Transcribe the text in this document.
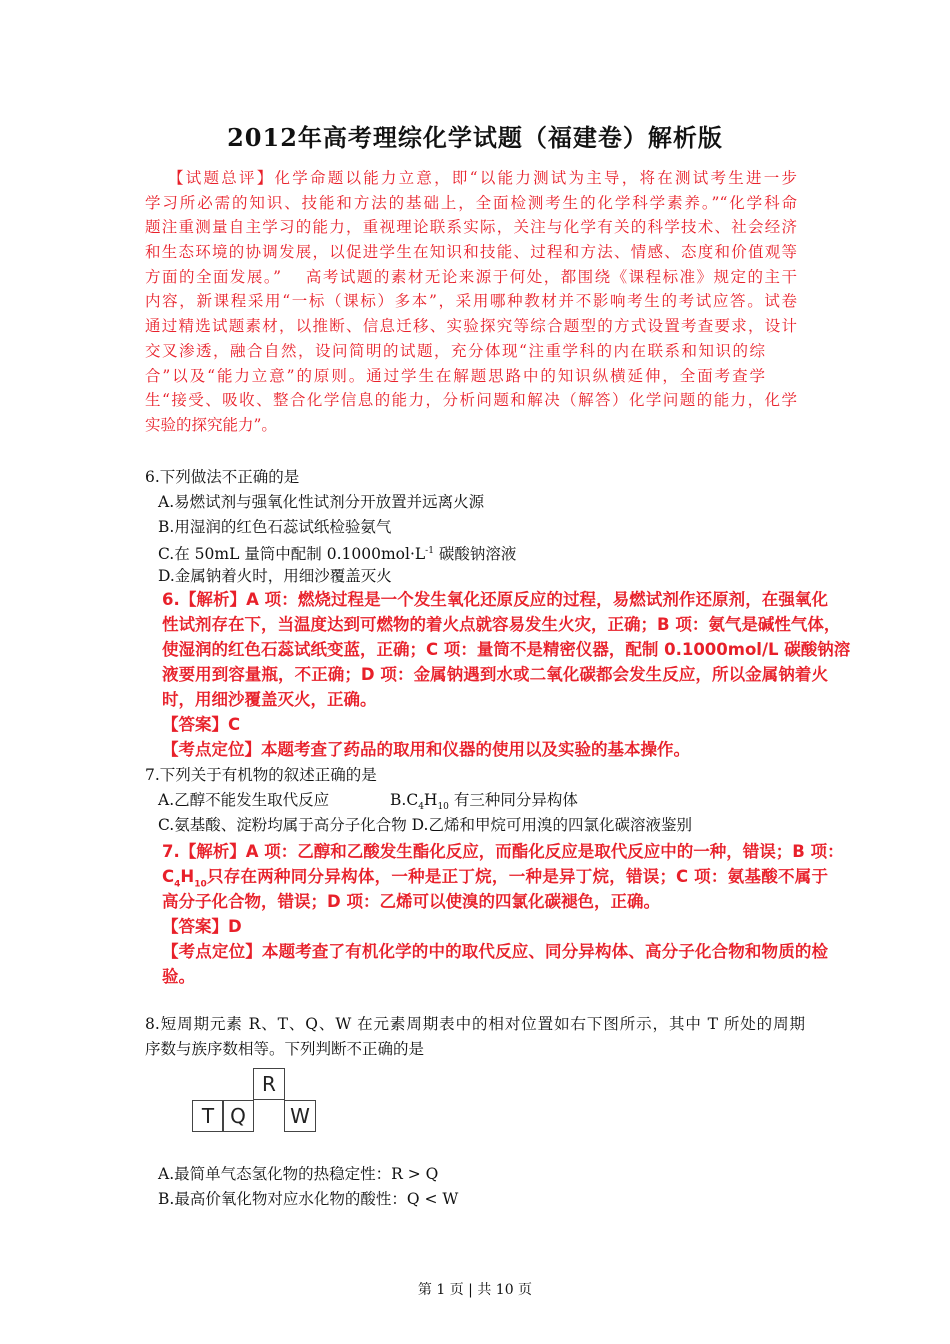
2012年高考理综化学试题（福建卷）解析版
【试题总评】化学命题以能力立意，即“以能力测试为主导，将在测试考生进一步
学习所必需的知识、技能和方法的基础上，全面检测考生的化学科学素养。”“化学科命
题注重测量自主学习的能力，重视理论联系实际，关注与化学有关的科学技术、社会经济
和生态环境的协调发展，以促进学生在知识和技能、过程和方法、情感、态度和价值观等
方面的全面发展。”　 高考试题的素材无论来源于何处，都围绕《课程标准》规定的主干
内容，新课程采用“一标（课标）多本”，采用哪种教材并不影响考生的考试应答。试卷
通过精选试题素材，以推断、信息迁移、实验探究等综合题型的方式设置考查要求，设计
交叉渗透，融合自然，设问简明的试题，充分体现“注重学科的内在联系和知识的综
合”以及“能力立意”的原则。通过学生在解题思路中的知识纵横延伸，全面考查学
生“接受、吸收、整合化学信息的能力，分析问题和解决（解答）化学问题的能力，化学
实验的探究能力”。
6.下列做法不正确的是
A.易燃试剂与强氧化性试剂分开放置并远离火源
B.用湿润的红色石蕊试纸检验氨气
C.在 50mL 量筒中配制 $0.1000mol\cdot L^{-1}$ 碳酸钠溶液
D.金属钠着火时，用细沙覆盖灭火
6.【解析】A 项：燃烧过程是一个发生氧化还原反应的过程，易燃试剂作还原剂，在强氧化
性试剂存在下，当温度达到可燃物的着火点就容易发生火灾，正确；B 项：氨气是碱性气体，
使湿润的红色石蕊试纸变蓝，正确；C 项：量筒不是精密仪器，配制 0.1000mol/L 碳酸钠溶
液要用到容量瓶，不正确；D 项：金属钠遇到水或二氧化碳都会发生反应，所以金属钠着火
时，用细沙覆盖灭火，正确。
【答案】C
【考点定位】本题考查了药品的取用和仪器的使用以及实验的基本操作。
7.下列关于有机物的叙述正确的是
A.乙醇不能发生取代反应	$B.C_4H_{10}$ 有三种同分异构体
C.氨基酸、淀粉均属于高分子化合物 D.乙烯和甲烷可用溴的四氯化碳溶液鉴别
7.【解析】A 项：乙醇和乙酸发生酯化反应，而酯化反应是取代反应中的一种，错误；B 项：
$C_4H_{10}$只存在两种同分异构体，一种是正丁烷，一种是异丁烷，错误；C 项：氨基酸不属于
高分子化合物，错误；D 项：乙烯可以使溴的四氯化碳褪色，正确。
【答案】D
【考点定位】本题考查了有机化学的中的取代反应、同分异构体、高分子化合物和物质的检
验。
8.短周期元素 R、T、Q、W 在元素周期表中的相对位置如右下图所示，其中 T 所处的周期
序数与族序数相等。下列判断不正确的是
R
T Q	W
A.最简单气态氢化物的热稳定性：R > Q
B.最高价氧化物对应水化物的酸性：Q < W
第 1 页 | 共 10 页
